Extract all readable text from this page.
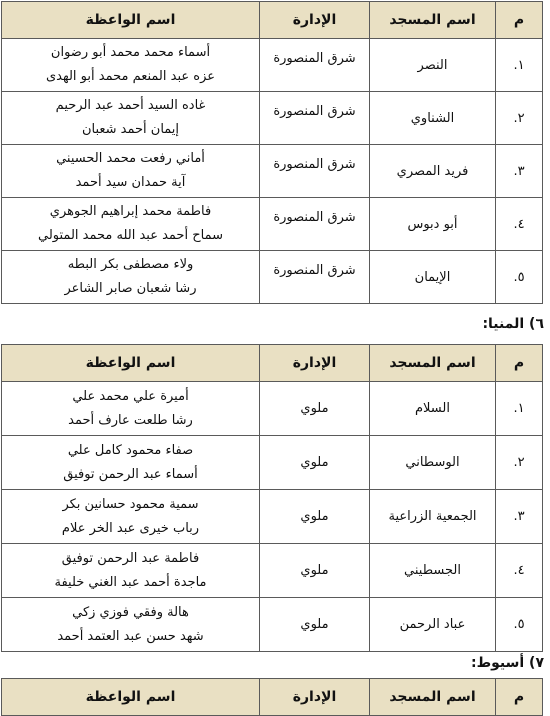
م	اسم المسجد	الإدارة	اسم الواعظة
١.	النصر	شرق المنصورة	أسماء محمد محمد أبو رضوان
عزه عبد المنعم محمد أبو الهدى

٢.	الشناوي	شرق المنصورة	غاده السيد أحمد عبد الرحيم
إيمان أحمد شعبان

٣.	فريد المصري	شرق المنصورة	أماني رفعت محمد الحسيني
آية حمدان سيد أحمد

٤.	أبو دبوس	شرق المنصورة	فاطمة محمد إبراهيم الجوهري
سماح أحمد عبد الله محمد المتولي

٥.	الإيمان	شرق المنصورة	ولاء مصطفى بكر البطه
رشا شعبان صابر الشاعر
٦) المنيا:
م	اسم المسجد	الإدارة	اسم الواعظة
١.	السلام	ملوي	أميرة علي محمد علي
رشا طلعت عارف أحمد

٢.	الوسطاني	ملوي	صفاء محمود كامل علي
أسماء عبد الرحمن توفيق

٣.	الجمعية الزراعية	ملوي	سمية محمود حسانين بكر
رباب خيرى عبد الخر علام

٤.	الجسطيني	ملوي	فاطمة عبد الرحمن توفيق
ماجدة أحمد عبد الغني خليفة

٥.	عباد الرحمن	ملوي	هالة وفقي فوزي زكي
شهد حسن عبد العتمد أحمد
٧) أسيوط:
م	اسم المسجد	الإدارة	اسم الواعظة
